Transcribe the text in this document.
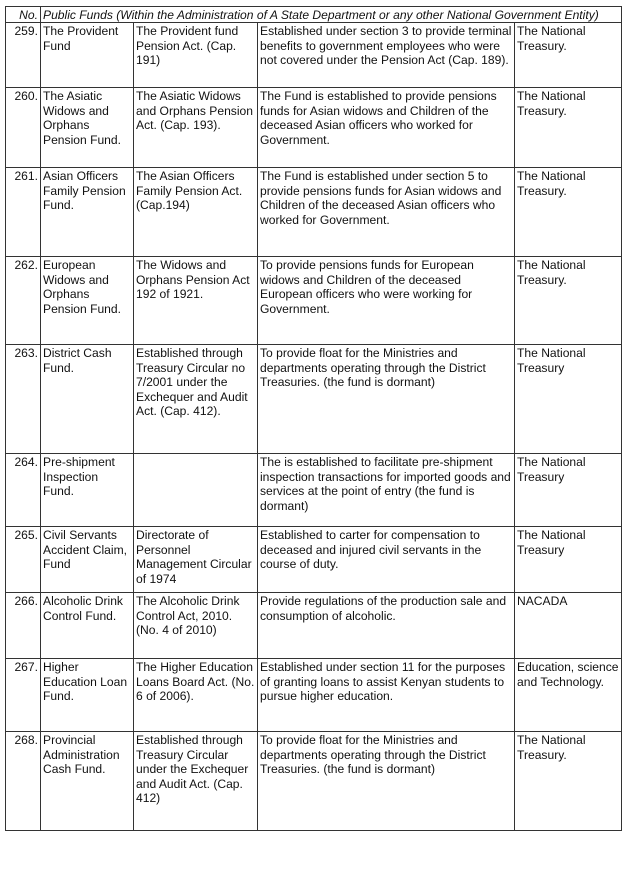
No.	Public Funds (Within the Administration of A State Department or any other National Government Entity)			
259.	The Provident Fund	The Provident fund Pension Act. (Cap. 191)	Established under section 3 to provide terminal benefits to government employees who were not covered under the Pension Act (Cap. 189).	The National Treasury.
260.	The Asiatic Widows and Orphans Pension Fund.	The Asiatic Widows and Orphans Pension Act. (Cap. 193).	The Fund is established to provide pensions funds for Asian widows and Children of the deceased Asian officers who worked for Government.	The National Treasury.
261.	Asian Officers Family Pension Fund.	The Asian Officers Family Pension Act. (Cap.194)	The Fund is established under section 5 to provide pensions funds for Asian widows and Children of the deceased Asian officers who worked for Government.	The National Treasury.
262.	European Widows and Orphans Pension Fund.	The Widows and Orphans Pension Act 192 of 1921.	To provide pensions funds for European widows and Children of the deceased European officers who were working for Government.	The National Treasury.
263.	District Cash Fund.	Established through Treasury Circular no 7/2001 under the Exchequer and Audit Act. (Cap. 412).	To provide float for the Ministries and departments operating through the District Treasuries. (the fund is dormant)	The National Treasury
264.	Pre-shipment Inspection Fund.		The is established to facilitate pre-shipment inspection transactions for imported goods and services at the point of entry (the fund is dormant)	The National Treasury
265.	Civil Servants Accident Claim, Fund	Directorate of Personnel Management Circular of 1974	Established to carter for compensation to deceased and injured civil servants in the course of duty.	The National Treasury
266.	Alcoholic Drink Control Fund.	The Alcoholic Drink Control Act, 2010. (No. 4 of 2010)	Provide regulations of the production sale and consumption of alcoholic.	NACADA
267.	Higher Education Loan Fund.	The Higher Education Loans Board Act. (No. 6 of 2006).	Established under section 11 for the purposes of granting loans to assist Kenyan students to pursue higher education.	Education, science and Technology.
268.	Provincial Administration Cash Fund.	Established through Treasury Circular under the Exchequer and Audit Act. (Cap. 412)	To provide float for the Ministries and departments operating through the District Treasuries. (the fund is dormant)	The National Treasury.
